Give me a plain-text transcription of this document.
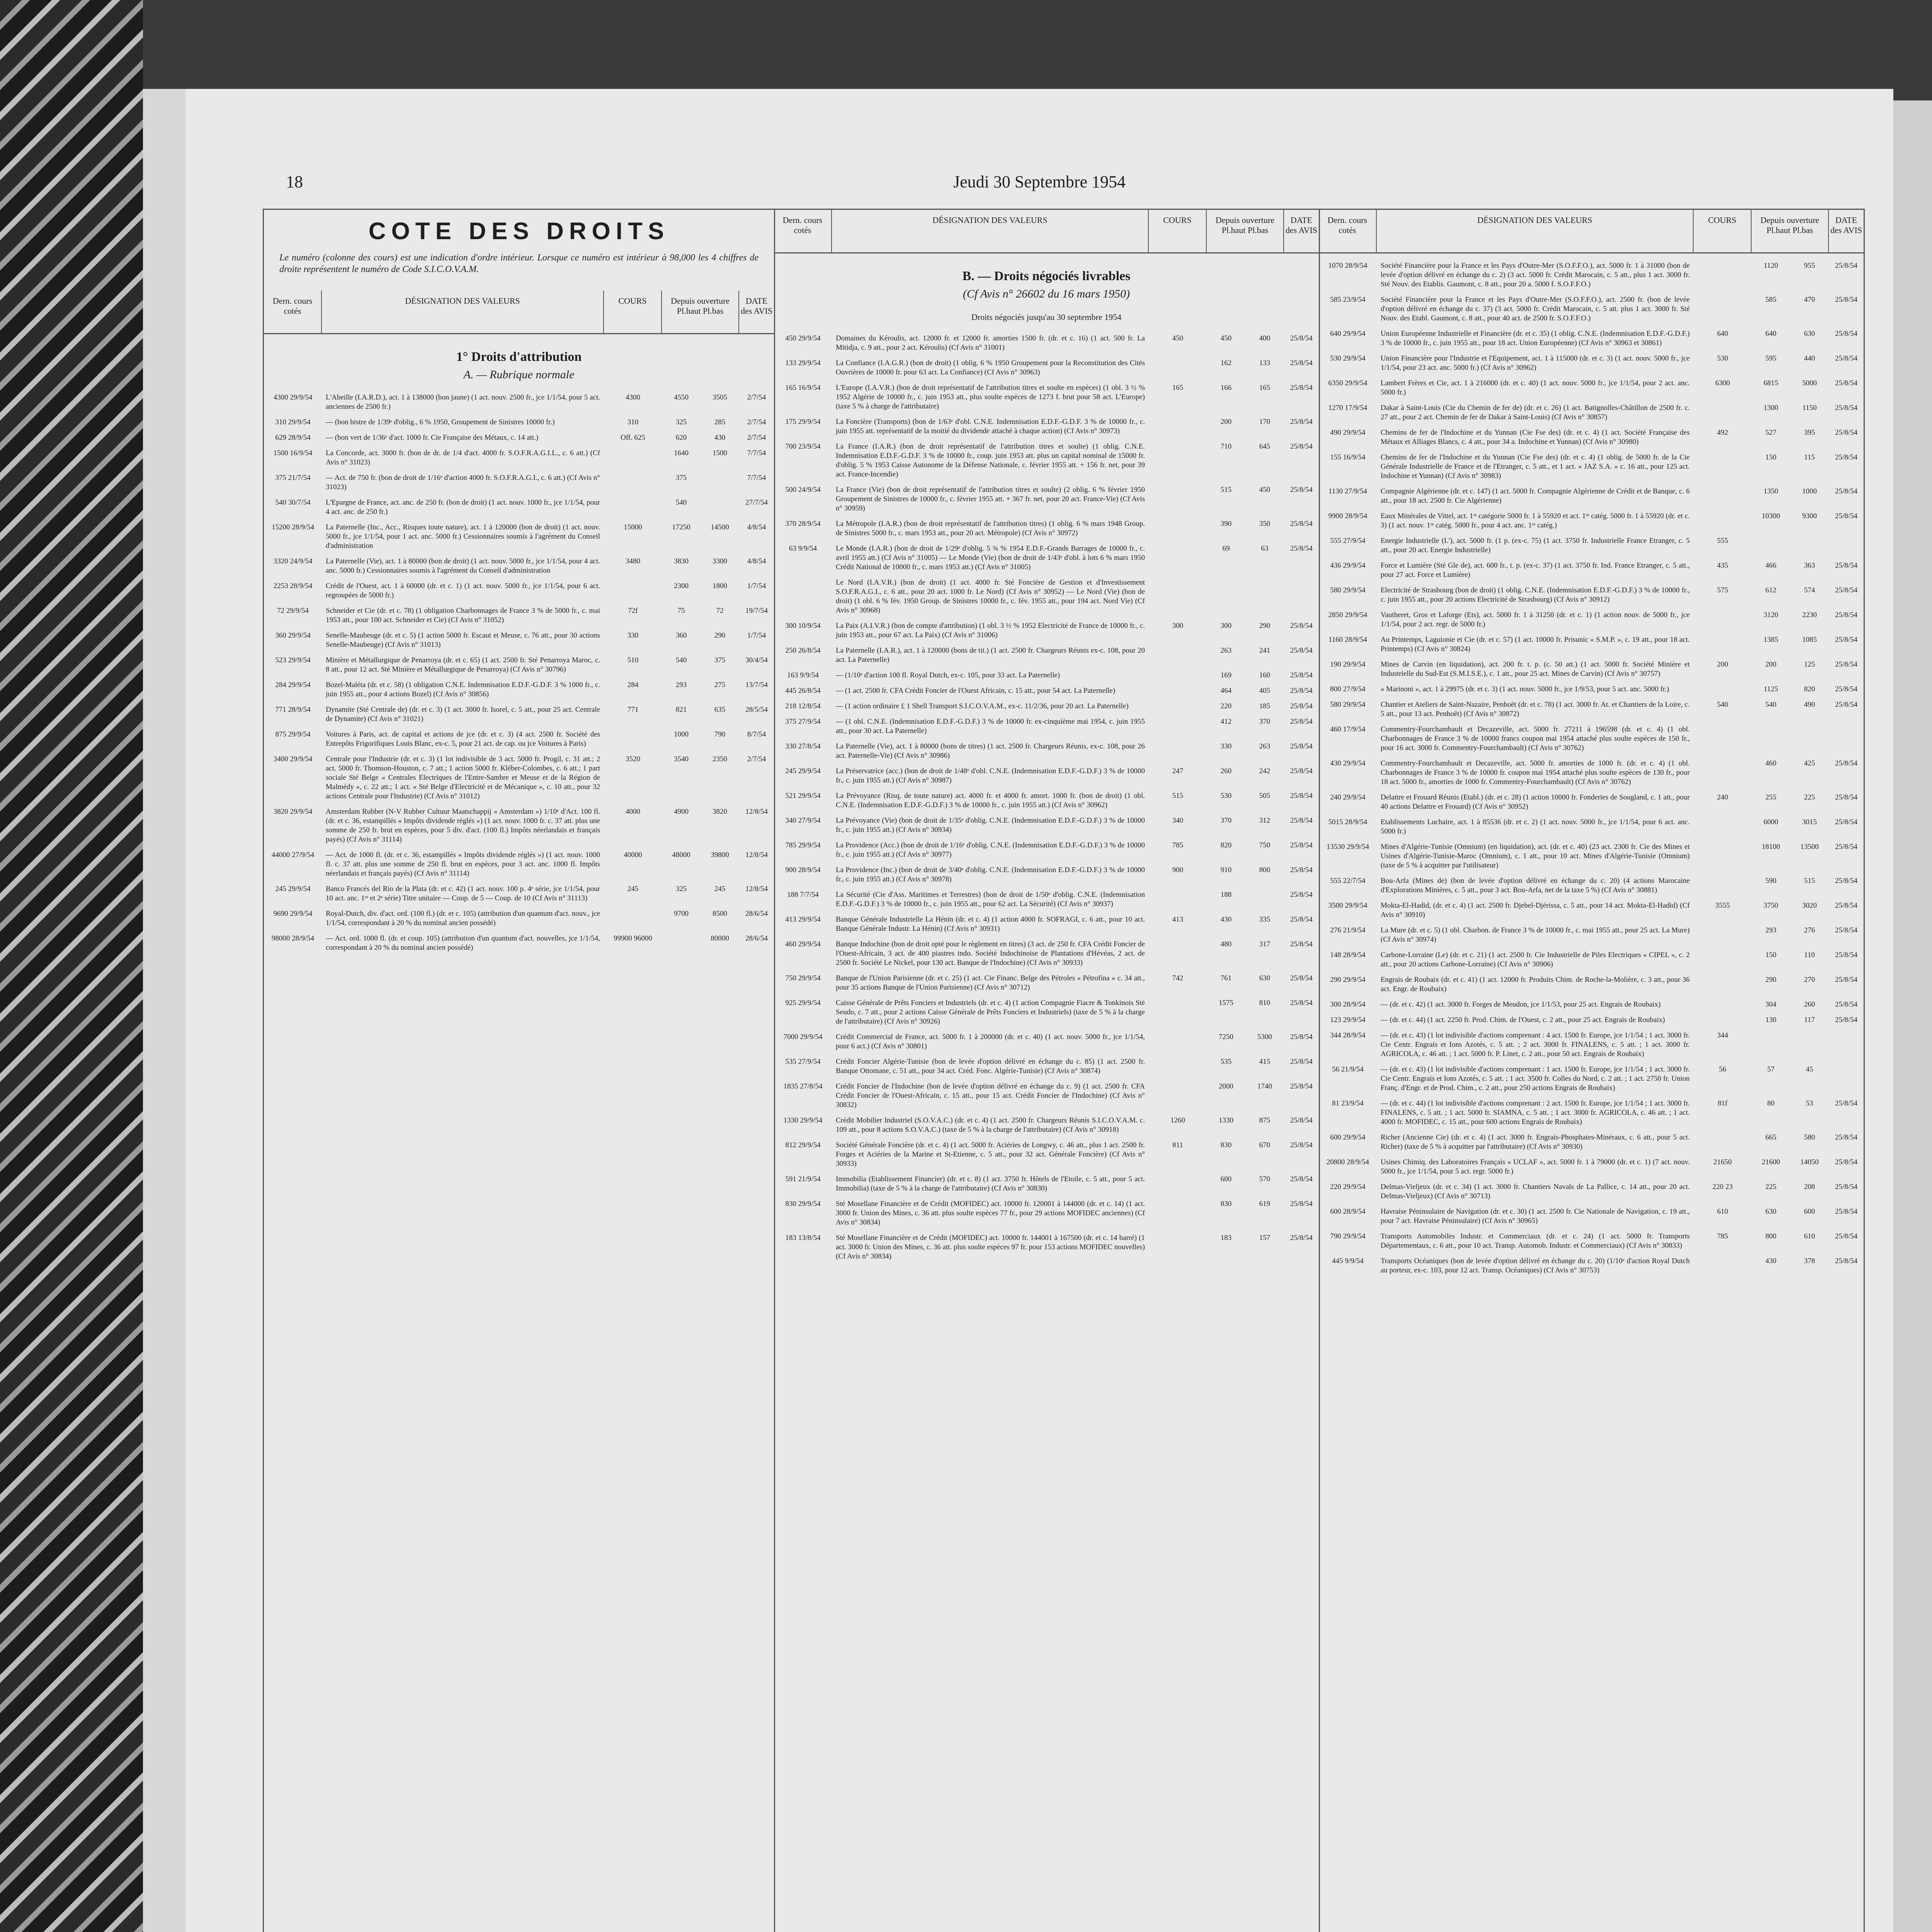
18	Jeudi 30 Septembre 1954
COTE DES DROITS
Le numéro (colonne des cours) est une indication d'ordre intérieur. Lorsque ce numéro est intérieur à 98,000 les 4 chiffres de droite représentent le numéro de Code S.I.C.O.V.A.M.
Dern. cours cotés
DÉSIGNATION DES VALEURS	COURS	Depuis ouverture Pl.haut Pl.bas
DATE des AVIS
1° Droits d'attribution
A. — Rubrique normale
4300 29/9/54	L'Abeille (I.A.R.D.), act. 1 à 138000 (bon jaune) (1 act. nouv. 2500 fr., jce 1/1/54, pour 5 act. anciennes de 2500 fr.)
4300	4550	3505	2/7/54
310 29/9/54	— (bon bistre de 1/39ᵉ d'oblig., 6 % 1950, Groupement de Sinistres 10000 fr.)	310	325	285	2/7/54
629 28/9/54	— (bon vert de 1/36ᵉ d'act. 1000 fr. Cie Française des Métaux, c. 14 att.)	Off. 625	620	430	2/7/54
1500 16/9/54	La Concorde, act. 3000 fr. (bon de dr. de 1/4 d'act. 4000 fr. S.O.F.R.A.G.I.L., c. 6 att.) (Cf Avis n° 31023)
1640	1500	7/7/54
375 21/7/54	— Act. de 750 fr. (bon de droit de 1/16ᵉ d'action 4000 fr. S.O.F.R.A.G.I., c. 6 att.) (Cf Avis n° 31023)
375	7/7/54
540 30/7/54	L'Epargne de France, act. anc. de 250 fr. (bon de droit) (1 act. nouv. 1000 fr., jce 1/1/54, pour 4 act. anc. de 250 fr.)
540	27/7/54
15200 28/9/54	La Paternelle (Inc., Acc., Risques toute nature), act. 1 à 120000 (bon de droit) (1 act. nouv. 5000 fr., jce 1/1/54, pour 1 act. anc. 5000 fr.) Cessionnaires soumis à l'agrément du Conseil d'administration
15000	17250	14500	4/8/54
3320 24/9/54	La Paternelle (Vie), act. 1 à 80000 (bon de droit) (1 act. nouv. 5000 fr., jce 1/1/54, pour 4 act. anc. 5000 fr.) Cessionnaires soumis à l'agrément du Conseil d'administration
3480	3830	3300	4/8/54
2253 28/9/54	Crédit de l'Ouest, act. 1 à 60000 (dr. et c. 1) (1 act. nouv. 5000 fr., jce 1/1/54, pour 6 act. regroupées de 5000 fr.)
2300	1800	1/7/54
72 29/9/54	Schneider et Cie (dr. et c. 78) (1 obligation Charbonnages de France 3 % de 5000 fr., c. mai 1953 att., pour 100 act. Schneider et Cie) (Cf Avis n° 31052)
72f	75	72	19/7/54
360 29/9/54	Senelle-Maubeuge (dr. et c. 5) (1 action 5000 fr. Escaut et Meuse, c. 76 att., pour 30 actions Senelle-Maubeuge) (Cf Avis n° 31013)
330	360	290	1/7/54
523 29/9/54	Minière et Métallurgique de Penarroya (dr. et c. 65) (1 act. 2500 fr. Sté Penarroya Maroc, c. 8 att., pour 12 act. Sté Minière et Métallurgique de Penarroya) (Cf Avis n° 30796)
510	540	375	30/4/54
284 29/9/54	Bozel-Maléta (dr. et c. 58) (1 obligation C.N.E. Indemnisation E.D.F.-G.D.F. 3 % 1000 fr., c. juin 1955 att., pour 4 actions Bozel) (Cf Avis n° 30856)
284	293	275	13/7/54
771 28/9/54	Dynamite (Sté Centrale de) (dr. et c. 3) (1 act. 3000 fr. Isorel, c. 5 att., pour 25 act. Centrale de Dynamite) (Cf Avis n° 31021)
771	821	635	28/5/54
875 29/9/54	Voitures à Paris, act. de capital et actions de jce (dr. et c. 3) (4 act. 2500 fr. Société des Entrepôts Frigorifiques Louis Blanc, ex-c. 5, pour 21 act. de cap. ou jce Voitures à Paris)
1000	790	8/7/54
3400 29/9/54	Centrale pour l'Industrie (dr. et c. 3) (1 lot indivisible de 3 act. 5000 fr. Progil, c. 31 att.; 2 act. 5000 fr. Thomson-Houston, c. 7 att.; 1 action 5000 fr. Kléber-Colombes, c. 6 att.; 1 part sociale Sté Belge « Centrales Electriques de l'Entre-Sambre et Meuse et de la Région de Malmédy », c. 22 att.; 1 act. « Sté Belge d'Electricité et de Mécanique », c. 10 att., pour 32 actions Centrale pour l'Industrie) (Cf Avis n° 31012)
3520	3540	2350	2/7/54
3820 29/9/54	Amsterdam Rubber (N-V Rubber Cultuur Maatschappij « Amsterdam ») 1/10ᵉ d'Act. 100 fl. (dr. et c. 36, estampillés « Impôts dividende réglés ») (1 act. nouv. 1000 fr. c. 37 att. plus une somme de 250 fr. brut en espèces, pour 5 div. d'act. (100 fl.) Impôts néerlandais et français payés) (Cf Avis n° 31114)
4000	4900	3820	12/8/54
44000 27/9/54	— Act. de 1000 fl. (dr. et c. 36, estampillés « Impôts dividende réglés ») (1 act. nouv. 1000 fl. c. 37 att. plus une somme de 250 fl. brut en espèces, pour 3 act. anc. 1000 fl. Impôts néerlandais et français payés) (Cf Avis n° 31114)
40000	48000	39800	12/8/54
245 29/9/54	Banco Francés del Rio de la Plata (dr. et c. 42) (1 act. nouv. 100 p. 4ᵉ série, jce 1/1/54, pour 10 act. anc. 1ʳᵉ et 2ᵉ série) Titre unitaire — Coup. de 5 — Coup. de 10 (Cf Avis n° 31113)
245	325	245	12/8/54
9690 29/9/54	Royal-Dutch, div. d'act. ord. (100 fl.) (dr. et c. 105) (attribution d'un quantum d'act. nouv., jce 1/1/54, correspondant à 20 % du nominal ancien possédé)
9700	8500	28/6/54
98000 28/9/54	— Act. ord. 1000 fl. (dr. et coup. 105) (attribution d'un quantum d'act. nouvelles, jce 1/1/54, correspondant à 20 % du nominal ancien possédé)
99900 96000	80000	28/6/54
Dern. cours cotés
DÉSIGNATION DES VALEURS	COURS	Depuis ouverture Pl.haut Pl.bas
DATE des AVIS
B. — Droits négociés livrables
(Cf Avis n° 26602 du 16 mars 1950)
Droits négociés jusqu'au 30 septembre 1954
450 29/9/54	Domaines du Kéroulis, act. 12000 fr. et 12000 fr. amorties 1500 fr. (dr. et c. 16) (1 act. 500 fr. La Mitidja, c. 9 att., pour 2 act. Kéroulis) (Cf Avis n° 31001)
450	450	400	25/8/54
133 29/9/54	La Confiance (I.A.G.R.) (bon de droit) (1 oblig. 6 % 1950 Groupement pour la Reconstitution des Cités Ouvrières de 10000 fr. pour 63 act. La Confiance) (Cf Avis n° 30963)
162	133	25/8/54
165 16/9/54	L'Europe (I.A.V.R.) (bon de droit représentatif de l'attribution titres et soulte en espèces) (1 obl. 3 ½ % 1952 Algérie de 10000 fr., c. juin 1953 att., plus soulte espèces de 1273 f. brut pour 58 act. L'Europe) (taxe 5 % à charge de l'attributaire)
165	166	165	25/8/54
175 29/9/54	La Foncière (Transports) (bon de 1/63ᵉ d'obl. C.N.E. Indemnisation E.D.F.-G.D.F. 3 % de 10000 fr., c. juin 1955 att. représentatif de la moitié du dividende attaché à chaque action) (Cf Avis n° 30973)
200	170	25/8/54
700 23/9/54	La France (I.A.R.) (bon de droit représentatif de l'attribution titres et soulte) (1 oblig. C.N.E. Indemnisation E.D.F.-G.D.F. 3 % de 10000 fr., coup. juin 1953 att. plus un capital nominal de 15000 fr. d'oblig. 5 % 1953 Caisse Autonome de la Défense Nationale, c. février 1955 att. + 156 fr. net, pour 39 act. France-Incendie)
710	645	25/8/54
500 24/9/54	La France (Vie) (bon de droit représentatif de l'attribution titres et soulte) (2 oblig. 6 % février 1950 Groupement de Sinistres de 10000 fr., c. février 1955 att. + 367 fr. net, pour 20 act. France-Vie) (Cf Avis n° 30959)
515	450	25/8/54
370 28/9/54	La Métropole (I.A.R.) (bon de droit représentatif de l'attribution titres) (1 oblig. 6 % mars 1948 Group. de Sinistres 5000 fr., c. mars 1953 att., pour 20 act. Métropole) (Cf Avis n° 30972)
390	350	25/8/54
63 9/9/54	Le Monde (I.A.R.) (bon de droit de 1/29ᵉ d'oblig. 5 ¾ % 1954 E.D.F.-Grands Barrages de 10000 fr., c. avril 1955 att.) (Cf Avis n° 31005) — Le Monde (Vie) (bon de droit de 1/43ᵉ d'obl. à lots 6 % mars 1950 Crédit National de 10000 fr., c. mars 1953 att.) (Cf Avis n° 31005)
69	63	25/8/54
Le Nord (I.A.V.R.) (bon de droit) (1 act. 4000 fr. Sté Foncière de Gestion et d'Investissement S.O.F.R.A.G.I., c. 6 att., pour 20 act. 1000 fr. Le Nord) (Cf Avis n° 30952) — Le Nord (Vie) (bon de droit) (1 obl. 6 % fév. 1950 Group. de Sinistres 10000 fr., c. fév. 1955 att., pour 194 act. Nord Vie) (Cf Avis n° 30968)
300 10/9/54	La Paix (A.I.V.R.) (bon de compte d'attribution) (1 obl. 3 ½ % 1952 Electricité de France de 10000 fr., c. juin 1953 att., pour 67 act. La Paix) (Cf Avis n° 31006)
300	300	290	25/8/54
250 26/8/54	La Paternelle (I.A.R.), act. 1 à 120000 (bons de tit.) (1 act. 2500 fr. Chargeurs Réunis ex-c. 108, pour 20 act. La Paternelle)
263	241	25/8/54
163 9/9/54	— (1/10ᵉ d'action 100 fl. Royal Dutch, ex-c. 105, pour 33 act. La Paternelle)	169	160	25/8/54
445 26/8/54	— (1 act. 2500 fr. CFA Crédit Foncier de l'Ouest Africain, c. 15 att., pour 54 act. La Paternelle)	464	405	25/8/54
218 12/8/54	— (1 action ordinaire £ 1 Shell Transport S.I.C.O.V.A.M., ex-c. 11/2/36, pour 20 act. La Paternelle)	220	185	25/8/54
375 27/9/54	— (1 obl. C.N.E. (Indemnisation E.D.F.-G.D.F.) 3 % de 10000 fr. ex-cinquième mai 1954, c. juin 1955 att., pour 30 act. La Paternelle)
412	370	25/8/54
330 27/8/54	La Paternelle (Vie), act. 1 à 80000 (bons de titres) (1 act. 2500 fr. Chargeurs Réunis, ex-c. 108, pour 26 act. Paternelle-Vie) (Cf Avis n° 30986)
330	263	25/8/54
245 29/9/54	La Préservatrice (acc.) (bon de droit de 1/48ᵉ d'obl. C.N.E. (Indemnisation E.D.F.-G.D.F.) 3 % de 10000 fr., c. juin 1955 att.) (Cf Avis n° 30987)
247	260	242	25/8/54
521 29/9/54	La Prévoyance (Risq. de toute nature) act. 4000 fr. et 4000 fr. amort. 1000 fr. (bon de droit) (1 obl. C.N.E. (Indemnisation E.D.F.-G.D.F.) 3 % de 10000 fr., c. juin 1955 att.) (Cf Avis n° 30962)
515	530	505	25/8/54
340 27/9/54	La Prévoyance (Vie) (bon de droit de 1/35ᵉ d'oblig. C.N.E. (Indemnisation E.D.F.-G.D.F.) 3 % de 10000 fr., c. juin 1955 att.) (Cf Avis n° 30934)
340	370	312	25/8/54
785 29/9/54	La Providence (Acc.) (bon de droit de 1/16ᵉ d'oblig. C.N.E. (Indemnisation E.D.F.-G.D.F.) 3 % de 10000 fr., c. juin 1955 att.) (Cf Avis n° 30977)
785	820	750	25/8/54
900 28/9/54	La Providence (Inc.) (bon de droit de 3/40ᵉ d'oblig. C.N.E. (Indemnisation E.D.F.-G.D.F.) 3 % de 10000 fr., c. juin 1955 att.) (Cf Avis n° 30978)
900	910	800	25/8/54
188 7/7/54	La Sécurité (Cie d'Ass. Maritimes et Terrestres) (bon de droit de 1/50ᵉ d'oblig. C.N.E. (Indemnisation E.D.F.-G.D.F.) 3 % de 10000 fr., c. juin 1955 att., pour 62 act. La Sécurité) (Cf Avis n° 30937)
188	25/8/54
413 29/9/54	Banque Générale Industrielle La Hénin (dr. et c. 4) (1 action 4000 fr. SOFRAGI, c. 6 att., pour 10 act. Banque Générale Industr. La Hénin) (Cf Avis n° 30931)
413	430	335	25/8/54
460 29/9/54	Banque Indochine (bon de droit opté pour le règlement en titres) (3 act. de 250 fr. CFA Crédit Foncier de l'Ouest-Africain, 3 act. de 400 piastres indo. Société Indochinoise de Plantations d'Hévéas, 2 act. de 2500 fr. Société Le Nickel, pour 130 act. Banque de l'Indochine) (Cf Avis n° 30933)
480	317	25/8/54
750 29/9/54	Banque de l'Union Parisienne (dr. et c. 25) (1 act. Cie Financ. Belge des Pétroles « Pétrofina » c. 34 att., pour 35 actions Banque de l'Union Parisienne) (Cf Avis n° 30712)
742	761	630	25/8/54
925 29/9/54	Caisse Générale de Prêts Fonciers et Industriels (dr. et c. 4) (1 action Compagnie Fiacre & Tonkinois Sté Seudo, c. 7 att., pour 2 actions Caisse Générale de Prêts Fonciers et Industriels) (taxe de 5 % à la charge de l'attributaire) (Cf Avis n° 30926)
1575	810	25/8/54
7000 29/9/54	Crédit Commercial de France, act. 5000 fr. 1 à 200000 (dr. et c. 40) (1 act. nouv. 5000 fr., jce 1/1/54, pour 6 act.) (Cf Avis n° 30801)
7250	5300	25/8/54
535 27/9/54	Crédit Foncier Algérie-Tunisie (bon de levée d'option délivré en échange du c. 85) (1 act. 2500 fr. Banque Ottomane, c. 51 att., pour 34 act. Créd. Fonc. Algérie-Tunisie) (Cf Avis n° 30874)
535	415	25/8/54
1835 27/8/54	Crédit Foncier de l'Indochine (bon de levée d'option délivré en échange du c. 9) (1 act. 2500 fr. CFA Crédit Foncier de l'Ouest-Africain, c. 15 att., pour 15 act. Crédit Foncier de l'Indochine) (Cf Avis n° 30832)
2000	1740	25/8/54
1330 29/9/54	Crédit Mobilier Industriel (S.O.V.A.C.) (dr. et c. 4) (1 act. 2500 fr. Chargeurs Réunis S.I.C.O.V.A.M. c. 109 att., pour 8 actions S.O.V.A.C.) (taxe de 5 % à la charge de l'attributaire) (Cf Avis n° 30918)
1260	1330	875	25/8/54
812 29/9/54	Société Générale Foncière (dr. et c. 4) (1 act. 5000 fr. Aciéries de Longwy, c. 46 att., plus 1 act. 2500 fr. Forges et Aciéries de la Marine et St-Etienne, c. 5 att., pour 32 act. Générale Foncière) (Cf Avis n° 30933)
811	830	670	25/8/54
591 21/9/54	Immobilia (Etablissement Financier) (dr. et c. 8) (1 act. 3750 fr. Hôtels de l'Etoile, c. 5 att., pour 5 act. Immobilia) (taxe de 5 % à la charge de l'attributaire) (Cf Avis n° 30830)
600	570	25/8/54
830 29/9/54	Sté Mosellane Financière et de Crédit (MOFIDEC) act. 10000 fr. 120001 à 144000 (dr. et c. 14) (1 act. 3000 fr. Union des Mines, c. 36 att. plus soulte espèces 77 fr., pour 29 actions MOFIDEC anciennes) (Cf Avis n° 30834)
830	619	25/8/54
183 13/8/54	Sté Mosellane Financière et de Crédit (MOFIDEC) act. 10000 fr. 144001 à 167500 (dr. et c. 14 barré) (1 act. 3000 fr. Union des Mines, c. 36 att. plus soulte espèces 97 fr. pour 153 actions MOFIDEC nouvelles) (Cf Avis n° 30834)
183	157	25/8/54
Dern. cours cotés
DÉSIGNATION DES VALEURS	COURS	Depuis ouverture Pl.haut Pl.bas
DATE des AVIS
1070 28/9/54	Société Financière pour la France et les Pays d'Outre-Mer (S.O.F.F.O.), act. 5000 fr. 1 à 31000 (bon de levée d'option délivré en échange du c. 2) (3 act. 5000 fr. Crédit Marocain, c. 5 att., plus 1 act. 3000 fr. Sté Nouv. des Etablis. Gaumont, c. 8 att., pour 20 a. 5000 f. S.O.F.F.O.)
1120	955	25/8/54
585 23/9/54	Société Financière pour la France et les Pays d'Outre-Mer (S.O.F.F.O.), act. 2500 fr. (bon de levée d'option délivré en échange du c. 37) (3 act. 5000 fr. Crédit Marocain, c. 5 att. plus 1 act. 3000 fr. Sté Nouv. des Etabl. Gaumont, c. 8 att., pour 40 act. de 2500 fr. S.O.F.F.O.)
585	470	25/8/54
640 29/9/54	Union Européenne Industrielle et Financière (dr. et c. 35) (1 oblig. C.N.E. (Indemnisation E.D.F.-G.D.F.) 3 % de 10000 fr., c. juin 1955 att., pour 18 act. Union Européenne) (Cf Avis n° 30963 et 30861)
640	640	630	25/8/54
530 29/9/54	Union Financière pour l'Industrie et l'Equipement, act. 1 à 115000 (dr. et c. 3) (1 act. nouv. 5000 fr., jce 1/1/54, pour 23 act. anc. 5000 fr.) (Cf Avis n° 30962)
530	595	440	25/8/54
6350 29/9/54	Lambert Frères et Cie, act. 1 à 216000 (dr. et c. 40) (1 act. nouv. 5000 fr., jce 1/1/54, pour 2 act. anc. 5000 fr.)
6300	6815	5000	25/8/54
1270 17/9/54	Dakar à Saint-Louis (Cie du Chemin de fer de) (dr. et c. 26) (1 act. Batignolles-Châtillon de 2500 fr. c. 27 att., pour 2 act. Chemin de fer de Dakar à Saint-Louis) (Cf Avis n° 30857)
1300	1150	25/8/54
490 29/9/54	Chemins de fer de l'Indochine et du Yunnan (Cie Fse des) (dr. et c. 4) (1 act. Société Française des Métaux et Alliages Blancs, c. 4 att., pour 34 a. Indochine et Yunnan) (Cf Avis n° 30980)
492	527	395	25/8/54
155 16/9/54	Chemins de fer de l'Indochine et du Yunnan (Cie Fse des) (dr. et c. 4) (1 oblig. de 5000 fr. de la Cie Générale Industrielle de France et de l'Etranger, c. 5 att., et 1 act. « JAZ S.A. » c. 16 att., pour 125 act. Indochine et Yunnan) (Cf Avis n° 30983)
150	115	25/8/54
1130 27/9/54	Compagnie Algérienne (dr. et c. 147) (1 act. 5000 fr. Compagnie Algérienne de Crédit et de Banque, c. 6 att., pour 18 act. 2500 fr. Cie Algérienne)
1350	1000	25/8/54
9900 28/9/54	Eaux Minérales de Vittel, act. 1ʳᵉ catégorie 5000 fr. 1 à 55920 et act. 1ʳᵉ catég. 5000 fr. 1 à 55920 (dr. et c. 3) (1 act. nouv. 1ʳᵉ catég. 5000 fr., pour 4 act. anc. 1ʳᵉ catég.)
10300	9300	25/8/54
555 27/9/54	Energie Industrielle (L'), act. 5000 fr. (1 p. (ex-c. 75) (1 act. 3750 fr. Industrielle France Etranger, c. 5 att., pour 20 act. Energie Industrielle)
555
436 29/9/54	Force et Lumière (Sté Gle de), act. 600 fr., t. p. (ex-c. 37) (1 act. 3750 fr. Ind. France Etranger, c. 5 att., pour 27 act. Force et Lumière)
435	466	363	25/8/54
580 29/9/54	Electricité de Strasbourg (bon de droit) (1 oblig. C.N.E. (Indemnisation E.D.F.-G.D.F.) 3 % de 10000 fr., c. juin 1955 att., pour 20 actions Electricité de Strasbourg) (Cf Avis n° 30912)
575	612	574	25/8/54
2850 29/9/54	Vautheret, Gros et Laforge (Ets), act. 5000 fr. 1 à 31250 (dr. et c. 1) (1 action nouv. de 5000 fr., jce 1/1/54, pour 2 act. regr. de 5000 fr.)
3120	2230	25/8/54
1160 28/9/54	Au Printemps, Laguionie et Cie (dr. et c. 57) (1 act. 10000 fr. Prisunic « S.M.P. », c. 19 att., pour 18 act. Printemps) (Cf Avis n° 30824)
1385	1085	25/8/54
190 29/9/54	Mines de Carvin (en liquidation), act. 200 fr. t. p. (c. 50 att.) (1 act. 5000 fr. Société Minière et Industrielle du Sud-Est (S.M.I.S.E.), c. 1 att., pour 25 act. Mines de Carvin) (Cf Avis n° 30757)
200	200	125	25/8/54
800 27/9/54	« Marinoni », act. 1 à 29975 (dr. et c. 3) (1 act. nouv. 5000 fr., jce 1/9/53, pour 5 act. anc. 5000 fr.)	1125	820	25/8/54
580 29/9/54	Chantier et Ateliers de Saint-Nazaire, Penhoët (dr. et c. 78) (1 act. 3000 fr. At. et Chantiers de la Loire, c. 5 att., pour 13 act. Penhoët) (Cf Avis n° 30872)
540	540	490	25/8/54
460 17/9/54	Commentry-Fourchambault et Decazeville, act. 5000 fr. 27211 à 196598 (dr. et c. 4) (1 obl. Charbonnages de France 3 % de 10000 francs coupon mai 1954 attaché plus soulte espèces de 150 fr., pour 16 act. 3000 fr. Commentry-Fourchambault) (Cf Avis n° 30762)
430 29/9/54	Commentry-Fourchambault et Decazeville, act. 5000 fr. amorties de 1000 fr. (dr. et c. 4) (1 obl. Charbonnages de France 3 % de 10000 fr. coupon mai 1954 attaché plus soulte espèces de 130 fr., pour 18 act. 5000 fr., amorties de 1000 fr. Commentry-Fourchambault) (Cf Avis n° 30762)
460	425	25/8/54
240 29/9/54	Delattre et Frouard Réunis (Etabl.) (dr. et c. 28) (1 action 10000 fr. Fonderies de Sougland, c. 1 att., pour 40 actions Delattre et Frouard) (Cf Avis n° 30952)
240	255	225	25/8/54
5015 28/9/54	Etablissements Luchaire, act. 1 à 85536 (dr. et c. 2) (1 act. nouv. 5000 fr., jce 1/1/54, pour 6 act. anc. 5000 fr.)
6000	3015	25/8/54
13530 29/9/54	Mines d'Algérie-Tunisie (Omnium) (en liquidation), act. (dr. et c. 40) (23 act. 2300 fr. Cie des Mines et Usines d'Algérie-Tunisie-Maroc (Omnium), c. 1 att., pour 10 act. Mines d'Algérie-Tunisie (Omnium) (taxe de 5 % à acquitter par l'utilisateur)
18100	13500	25/8/54
555 22/7/54	Bou-Arfa (Mines de) (bon de levée d'option délivré en échange du c. 20) (4 actions Marocaine d'Explorations Minières, c. 5 att., pour 3 act. Bou-Arfa, net de la taxe 5 %) (Cf Avis n° 30881)
590	515	25/8/54
3500 29/9/54	Mokta-El-Hadid, (dr. et c. 4) (1 act. 2500 fr. Djebel-Djérissa, c. 5 att., pour 14 act. Mokta-El-Hadid) (Cf Avis n° 30910)
3555	3750	3020	25/8/54
276 21/9/54	La Mure (dr. et c. 5) (1 obl. Charbon. de France 3 % de 10000 fr., c. mai 1955 att., pour 25 act. La Mure) (Cf Avis n° 30974)
293	276	25/8/54
148 28/9/54	Carbone-Lorraine (Le) (dr. et c. 21) (1 act. 2500 fr. Cie Industrielle de Piles Electriques « CIPEL », c. 2 att., pour 20 actions Carbone-Lorraine) (Cf Avis n° 30906)
150	110	25/8/54
290 29/9/54	Engrais de Roubaix (dr. et c. 41) (1 act. 12000 fr. Produits Chim. de Roche-la-Molière, c. 3 att., pour 36 act. Engr. de Roubaix)
290	270	25/8/54
300 28/9/54	— (dr. et c. 42) (1 act. 3000 fr. Forges de Meudon, jce 1/1/53, pour 25 act. Engrais de Roubaix)	304	260	25/8/54
123 29/9/54	— (dr. et c. 44) (1 act. 2250 fr. Prod. Chim. de l'Ouest, c. 2 att., pour 25 act. Engrais de Roubaix)	130	117	25/8/54
344 28/9/54	— (dr. et c. 43) (1 lot indivisible d'actions comprenant : 4 act. 1500 fr. Europe, jce 1/1/54 ; 1 act. 3000 fr. Cie Centr. Engrais et Ions Azotés, c. 5 att. ; 2 act. 3000 fr. FINALENS, c. 5 att. ; 1 act. 3000 fr. AGRICOLA, c. 46 att. ; 1 act. 5000 fr. P. Linet, c. 2 att., pour 50 act. Engrais de Roubaix)
344
56 21/9/54	— (dr. et c. 43) (1 lot indivisible d'actions comprenant : 1 act. 1500 fr. Europe, jce 1/1/54 ; 1 act. 3000 fr. Cie Centr. Engrais et Ions Azotés, c. 5 att. ; 1 act. 3500 fr. Colles du Nord, c. 2 att. ; 1 act. 2750 fr. Union Franç. d'Engr. et de Prod. Chim., c. 2 att., pour 250 actions Engrais de Roubaix)
56	57	45
81 23/9/54	— (dr. et c. 44) (1 lot indivisible d'actions comprenant : 2 act. 1500 fr. Europe, jce 1/1/54 ; 1 act. 3000 fr. FINALENS, c. 5 att. ; 1 act. 5000 fr. SIAMNA, c. 5 att. ; 1 act. 3000 fr. AGRICOLA, c. 46 att. ; 1 act. 4000 fr. MOFIDEC, c. 15 att., pour 600 actions Engrais de Roubaix)
81f	80	53	25/8/54
600 29/9/54	Richer (Ancienne Cie) (dr. et c. 4) (1 act. 3000 fr. Engrais-Phosphates-Minéraux, c. 6 att., pour 5 act. Richer) (taxe de 5 % à acquitter par l'attributaire) (Cf Avis n° 30930)
665	580	25/8/54
20800 28/9/54	Usines Chimiq. des Laboratoires Français « UCLAF », act. 5000 fr. 1 à 79000 (dr. et c. 1) (7 act. nouv. 5000 fr., jce 1/1/54, pour 5 act. regr. 5000 fr.)
21650	21600	14050	25/8/54
220 29/9/54	Delmas-Vieljeux (dr. et c. 34) (1 act. 3000 fr. Chantiers Navals de La Pallice, c. 14 att., pour 20 act. Delmas-Vieljeux) (Cf Avis n° 30713)
220 23	225	208	25/8/54
600 28/9/54	Havraise Péninsulaire de Navigation (dr. et c. 30) (1 act. 2500 fr. Cie Nationale de Navigation, c. 19 att., pour 7 act. Havraise Péninsulaire) (Cf Avis n° 30965)
610	630	600	25/8/54
790 29/9/54	Transports Automobiles Industr. et Commerciaux (dr. et c. 24) (1 act. 5000 fr. Transports Départementaux, c. 6 att., pour 10 act. Transp. Automob. Industr. et Commerciaux) (Cf Avis n° 30833)
785	800	610	25/8/54
445 9/9/54	Transports Océaniques (bon de levée d'option délivré en échange du c. 20) (1/10ᵉ d'action Royal Dutch au porteur, ex-c. 103, pour 12 act. Transp. Océaniques) (Cf Avis n° 30753)
430	378	25/8/54
